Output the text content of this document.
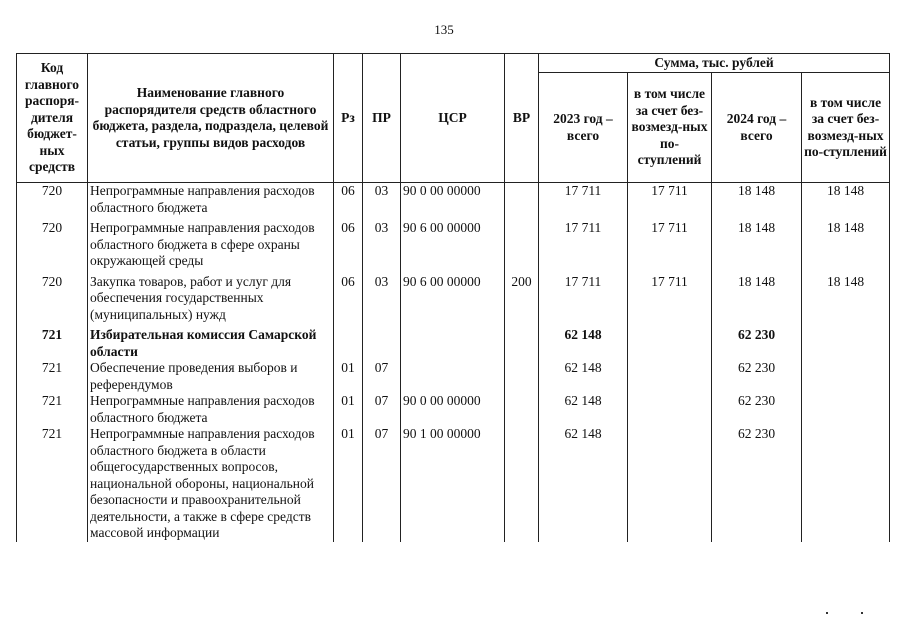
135
Код главного распоря-дителя бюджет-ных средств	Наименование главного распорядителя средств областного бюджета, раздела, подраздела, целевой статьи, группы видов расходов	Рз	ПР	ЦСР	ВР	Сумма, тыс. рублей			
						2023 год – всего	в том числе за счет без-возмезд-ных по-ступлений	2024 год – всего	в том числе за счет без-возмезд-ных по-ступлений
720	Непрограммные направления расходов областного бюджета	06	03	90 0 00 00000		17 711	17 711	18 148	18 148
720	Непрограммные направления расходов областного бюджета в сфере охраны окружающей среды	06	03	90 6 00 00000		17 711	17 711	18 148	18 148
720	Закупка товаров, работ и услуг для обеспечения государственных (муниципальных) нужд	06	03	90 6 00 00000	200	17 711	17 711	18 148	18 148
721	Избирательная комиссия Самарской области					62 148		62 230	
721	Обеспечение проведения выборов и референдумов	01	07			62 148		62 230	
721	Непрограммные направления расходов областного бюджета	01	07	90 0 00 00000		62 148		62 230	
721	Непрограммные направления расходов областного бюджета в области общегосударственных вопросов, национальной обороны, национальной безопасности и правоохранительной деятельности, а также в сфере средств массовой информации	01	07	90 1 00 00000		62 148		62 230	
